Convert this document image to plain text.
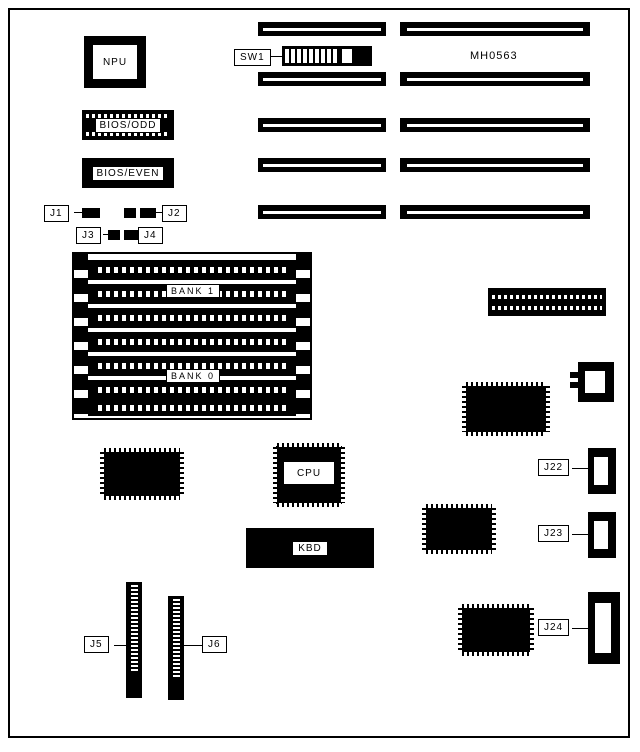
MH0563
SW1
NPU
BIOS/ODD
BIOS/EVEN
J1	J2
J3	J4
BANK 1
BANK 0
CPU
KBD
J22
J23
J24
J5	J6
